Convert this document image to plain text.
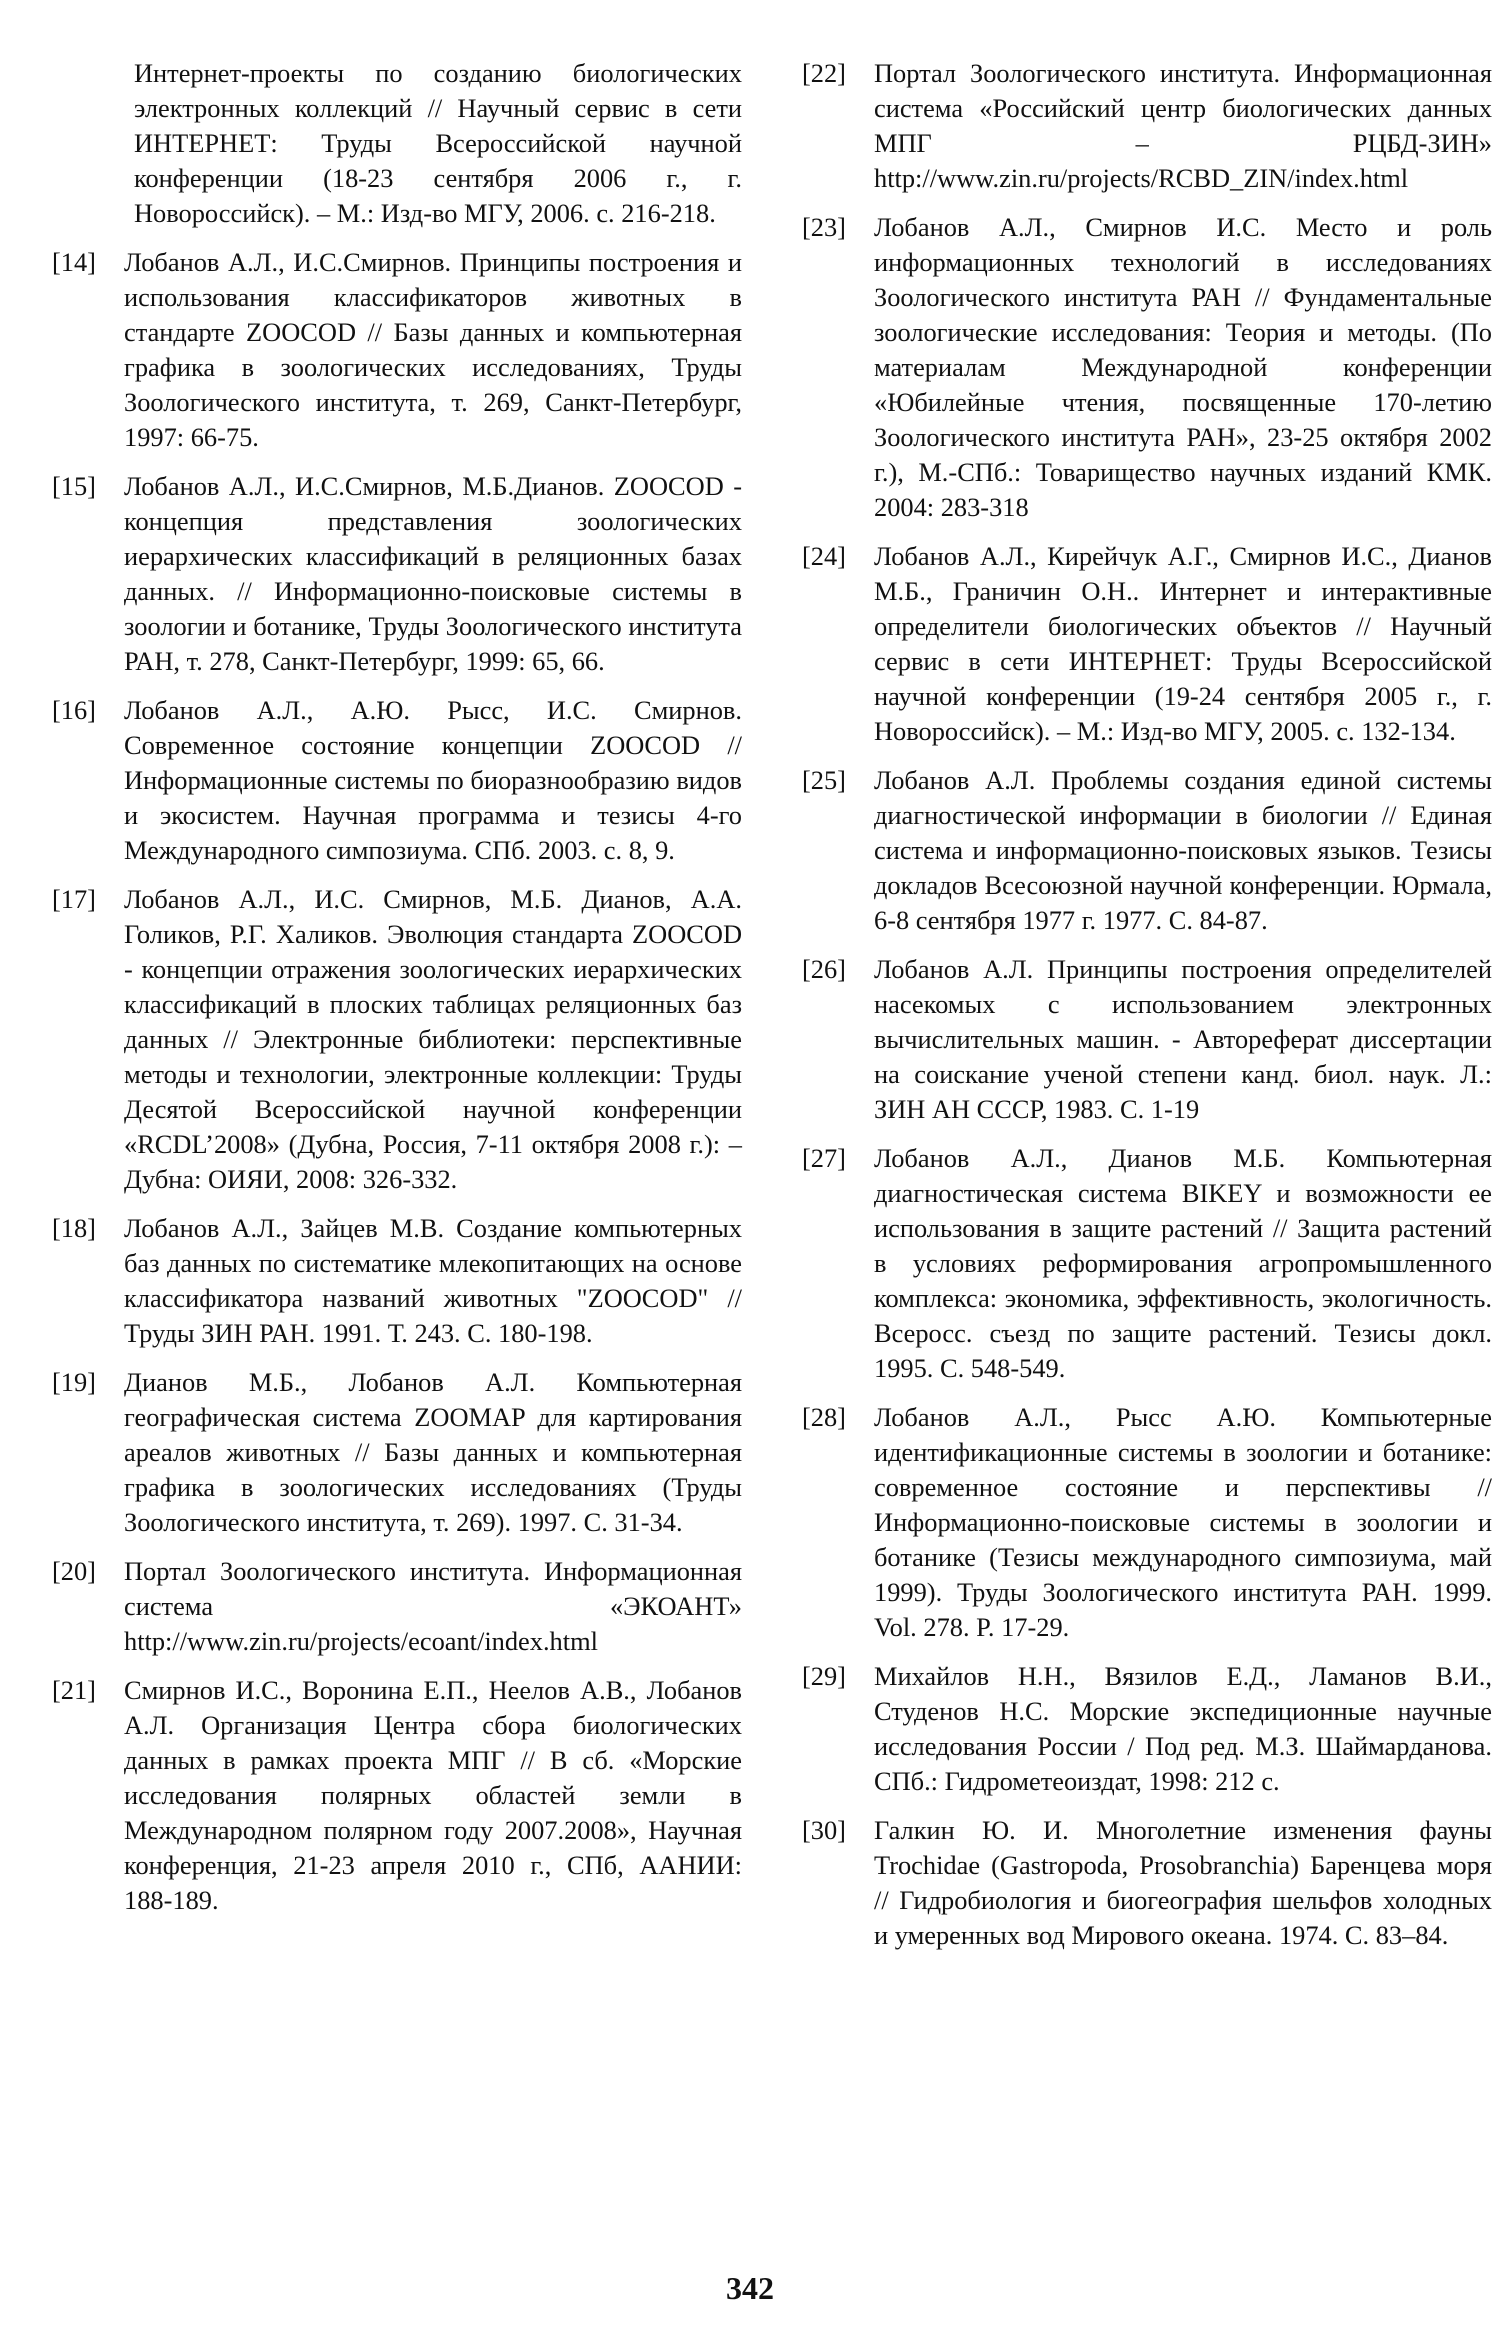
Интернет-проекты по созданию биологических электронных коллекций // Научный сервис в сети ИНТЕРНЕТ: Труды Всероссийской научной конференции (18-23 сентября 2006 г., г. Новороссийск). – М.: Изд-во МГУ, 2006. с. 216-218.
[14]	Лобанов А.Л., И.С.Смирнов. Принципы построения и использования классификаторов животных в стандарте ZOOCOD // Базы данных и компьютерная графика в зоологических исследованиях, Труды Зоологического института, т. 269, Санкт-Петербург, 1997: 66-75.
[15]	Лобанов А.Л., И.С.Смирнов, М.Б.Дианов. ZOOCOD - концепция представления зоологических иерархических классификаций в реляционных базах данных. // Информационно-поисковые системы в зоологии и ботанике, Труды Зоологического института РАН, т. 278, Санкт-Петербург, 1999: 65, 66.
[16]	Лобанов А.Л., А.Ю. Рысс, И.С. Смирнов. Современное состояние концепции ZOOCOD // Информационные системы по биоразнообразию видов и экосистем. Научная программа и тезисы 4-го Международного симпозиума. СПб. 2003. с. 8, 9.
[17]	Лобанов А.Л., И.С. Смирнов, М.Б. Дианов, А.А. Голиков, Р.Г. Халиков. Эволюция стандарта ZOOCOD - концепции отражения зоологических иерархических классификаций в плоских таблицах реляционных баз данных // Электронные библиотеки: перспективные методы и технологии, электронные коллекции: Труды Десятой Всероссийской научной конференции «RCDL’2008» (Дубна, Россия, 7-11 октября 2008 г.): – Дубна: ОИЯИ, 2008: 326-332.
[18]	Лобанов А.Л., Зайцев М.В. Создание компьютерных баз данных по систематике млекопитающих на основе классификатора названий животных "ZOOCOD" // Труды ЗИН РАН. 1991. Т. 243. С. 180-198.
[19]	Дианов М.Б., Лобанов А.Л. Компьютерная географическая система ZOOMAP для картирования ареалов животных // Базы данных и компьютерная графика в зоологических исследованиях (Труды Зоологического института, т. 269). 1997. С. 31-34.
[20]	Портал Зоологического института. Информационная система «ЭКОАНТ» http://www.zin.ru/projects/ecoant/index.html
[21]	Смирнов И.С., Воронина Е.П., Неелов А.В., Лобанов А.Л. Организация Центра сбора биологических данных в рамках проекта МПГ // В сб. «Морские исследования полярных областей земли в Международном полярном году 2007.2008», Научная конференция, 21-23 апреля 2010 г., СПб, ААНИИ: 188-189.
[22]	Портал Зоологического института. Информационная система «Российский центр биологических данных МПГ – РЦБД-ЗИН» http://www.zin.ru/projects/RCBD_ZIN/index.html
[23]	Лобанов А.Л., Смирнов И.С. Место и роль информационных технологий в исследованиях Зоологического института РАН // Фундаментальные зоологические исследования: Теория и методы. (По материалам Международной конференции «Юбилейные чтения, посвященные 170-летию Зоологического института РАН», 23-25 октября 2002 г.), М.-СПб.: Товарищество научных изданий КМК. 2004: 283-318
[24]	Лобанов А.Л., Кирейчук А.Г., Смирнов И.С., Дианов М.Б., Граничин О.Н.. Интернет и интерактивные определители биологических объектов // Научный сервис в сети ИНТЕРНЕТ: Труды Всероссийской научной конференции (19-24 сентября 2005 г., г. Новороссийск). – М.: Изд-во МГУ, 2005. с. 132-134.
[25]	Лобанов А.Л. Проблемы создания единой системы диагностической информации в биологии // Единая система и информационно-поисковых языков. Тезисы докладов Всесоюзной научной конференции. Юрмала, 6-8 сентября 1977 г. 1977. С. 84-87.
[26]	Лобанов А.Л. Принципы построения определителей насекомых с использованием электронных вычислительных машин. - Автореферат диссертации на соискание ученой степени канд. биол. наук. Л.: ЗИН АН СССР, 1983. С. 1-19
[27]	Лобанов А.Л., Дианов М.Б. Компьютерная диагностическая система BIKEY и возможности ее использования в защите растений // Защита растений в условиях реформирования агропромышленного комплекса: экономика, эффективность, экологичность. Всеросс. съезд по защите растений. Тезисы докл. 1995. С. 548-549.
[28]	Лобанов А.Л., Рысс А.Ю. Компьютерные идентификационные системы в зоологии и ботанике: современное состояние и перспективы // Информационно-поисковые системы в зоологии и ботанике (Тезисы международного симпозиума, май 1999). Труды Зоологического института РАН. 1999. Vol. 278. P. 17-29.
[29]	Михайлов Н.Н., Вязилов Е.Д., Ламанов В.И., Студенов Н.С. Морские экспедиционные научные исследования России / Под ред. М.З. Шаймарданова. СПб.: Гидрометеоиздат, 1998: 212 с.
[30]	Галкин Ю. И. Многолетние изменения фауны Trochidae (Gastropoda, Prosobranchia) Баренцева моря // Гидробиология и биогеография шельфов холодных и умеренных вод Мирового океана. 1974. С. 83–84.
342
